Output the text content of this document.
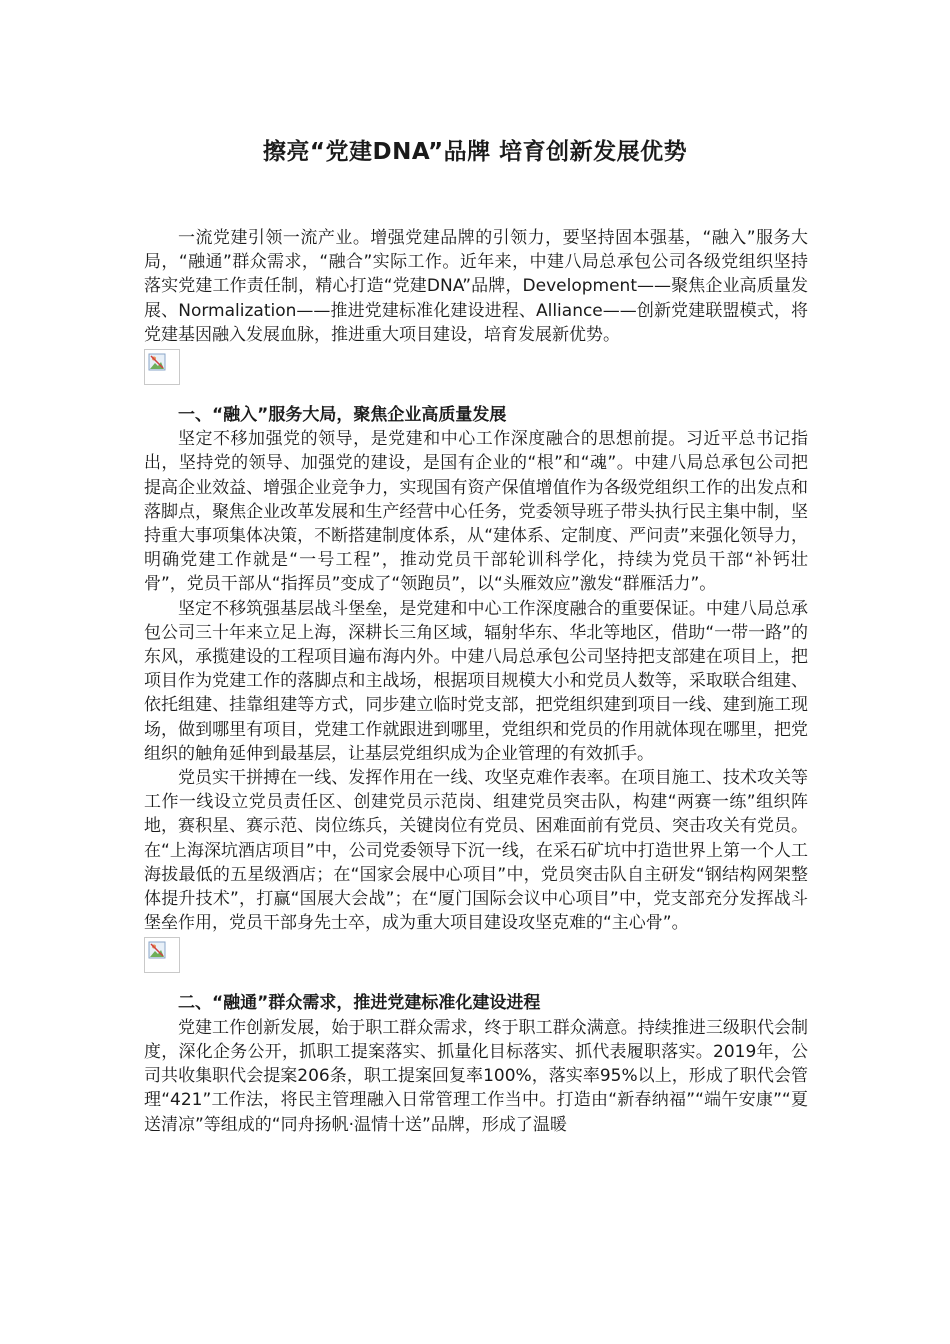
擦亮“党建DNA”品牌 培育创新发展优势

一流党建引领一流产业。增强党建品牌的引领力，要坚持固本强基，“融入”服务大局，“融通”群众需求，“融合”实际工作。近年来，中建八局总承包公司各级党组织坚持落实党建工作责任制，精心打造“党建DNA”品牌，Development——聚焦企业高质量发展、Normalization——推进党建标准化建设进程、Alliance——创新党建联盟模式，将党建基因融入发展血脉，推进重大项目建设，培育发展新优势。

一、“融入”服务大局，聚焦企业高质量发展

坚定不移加强党的领导，是党建和中心工作深度融合的思想前提。习近平总书记指出，坚持党的领导、加强党的建设，是国有企业的“根”和“魂”。中建八局总承包公司把提高企业效益、增强企业竞争力，实现国有资产保值增值作为各级党组织工作的出发点和落脚点，聚焦企业改革发展和生产经营中心任务，党委领导班子带头执行民主集中制，坚持重大事项集体决策，不断搭建制度体系，从“建体系、定制度、严问责”来强化领导力，明确党建工作就是“一号工程”，推动党员干部轮训科学化，持续为党员干部“补钙壮骨”，党员干部从“指挥员”变成了“领跑员”，以“头雁效应”激发“群雁活力”。

坚定不移筑强基层战斗堡垒，是党建和中心工作深度融合的重要保证。中建八局总承包公司三十年来立足上海，深耕长三角区域，辐射华东、华北等地区，借助“一带一路”的东风，承揽建设的工程项目遍布海内外。中建八局总承包公司坚持把支部建在项目上，把项目作为党建工作的落脚点和主战场，根据项目规模大小和党员人数等，采取联合组建、依托组建、挂靠组建等方式，同步建立临时党支部，把党组织建到项目一线、建到施工现场，做到哪里有项目，党建工作就跟进到哪里，党组织和党员的作用就体现在哪里，把党组织的触角延伸到最基层，让基层党组织成为企业管理的有效抓手。

党员实干拼搏在一线、发挥作用在一线、攻坚克难作表率。在项目施工、技术攻关等工作一线设立党员责任区、创建党员示范岗、组建党员突击队，构建“两赛一练”组织阵地，赛积星、赛示范、岗位练兵，关键岗位有党员、困难面前有党员、突击攻关有党员。在“上海深坑酒店项目”中，公司党委领导下沉一线，在采石矿坑中打造世界上第一个人工海拔最低的五星级酒店；在“国家会展中心项目”中，党员突击队自主研发“钢结构网架整体提升技术”，打赢“国展大会战”；在“厦门国际会议中心项目”中，党支部充分发挥战斗堡垒作用，党员干部身先士卒，成为重大项目建设攻坚克难的“主心骨”。

二、“融通”群众需求，推进党建标准化建设进程

党建工作创新发展，始于职工群众需求，终于职工群众满意。持续推进三级职代会制度，深化企务公开，抓职工提案落实、抓量化目标落实、抓代表履职落实。2019年，公司共收集职代会提案206条，职工提案回复率100%，落实率95%以上，形成了职代会管理“421”工作法，将民主管理融入日常管理工作当中。打造由“新春纳福”“端午安康”“夏送清凉”等组成的“同舟扬帆·温情十送”品牌，形成了温暖
